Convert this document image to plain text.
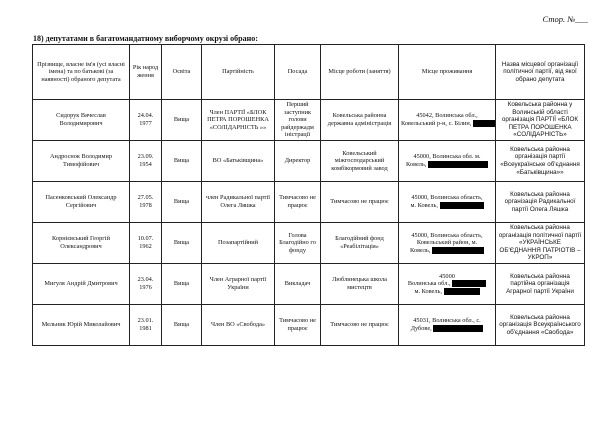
Стор. №___
18) депутатами в багатомандатному виборчому окрузі обрано:
Прізвище, власне ім'я (усі власні імена) та по батькові (за наявності) обраного депутата	Рік народ ження	Освіта	Партійність	Посада	Місце роботи (заняття)	Місце проживання	Назва місцевої організації політичної партії, від якої обрано депутата
Сидорук Вячеслав Володимирович	24.04. 1977	Вища	Член ПАРТІЇ «БЛОК ПЕТРА ПОРОШЕНКА «СОЛІДАРНІСТЬ »»	Перший заступник голови райдержадм іністрації	Ковельська районна державна адміністрація	45042, Волинська обл.,
Ковельський р-н, с. Білин,	Ковельська районна у Волинській області організація ПАРТІЇ «БЛОК ПЕТРА ПОРОШЕНКА «СОЛІДАРНІСТЬ»
Андроснок Володимир Тимофійович	23.09. 1954	Вища	ВО «Батьківщина»	Директор	Ковельський міжгосподарський комбікормовий завод	45000, Волинська обл. м.
Ковель,	Ковельська районна організація партії «Всеукраїнське об'єднання «Батьківщина»»
Пасенковський Олександр Сергійович	27.05. 1978	Вища	член Радикальної партії Олега Ляшка	Тимчасово не працює	Тимчасово не працює	45000, Волинська область,
м. Ковель,	Ковельська районна організація Радикальної партії Олега Ляшка
Корнієвський Георгій Олександрович	10.07. 1962	Вища	Позапартійний	Голова Благодійно го фонду	Благодійний фонд «Реабілітація»	45000, Волинська область,
Ковельський район, м.
Ковель,	Ковельська районна організація політичної партії «УКРАЇНСЬКЕ ОБ'ЄДНАННЯ ПАТРІОТІВ – УКРОП»
Мигуля Андрій Дмитрович	23.04. 1976	Вища	Член Аграрної партії України	Викладач	Люблинецька школа мистецтв	45000
Волинська обл.,
м. Ковель,	Ковельська районна партійна організація Аграрної партії України
Мельник Юрій Миколайович	23.01. 1981	Вища	Член ВО «Свобода»	Тимчасово не працює	Тимчасово не працює	45031, Волинська обл., с.
Дубове,	Ковельська районна організація Всеукраїнського об'єднання «Свобода»
